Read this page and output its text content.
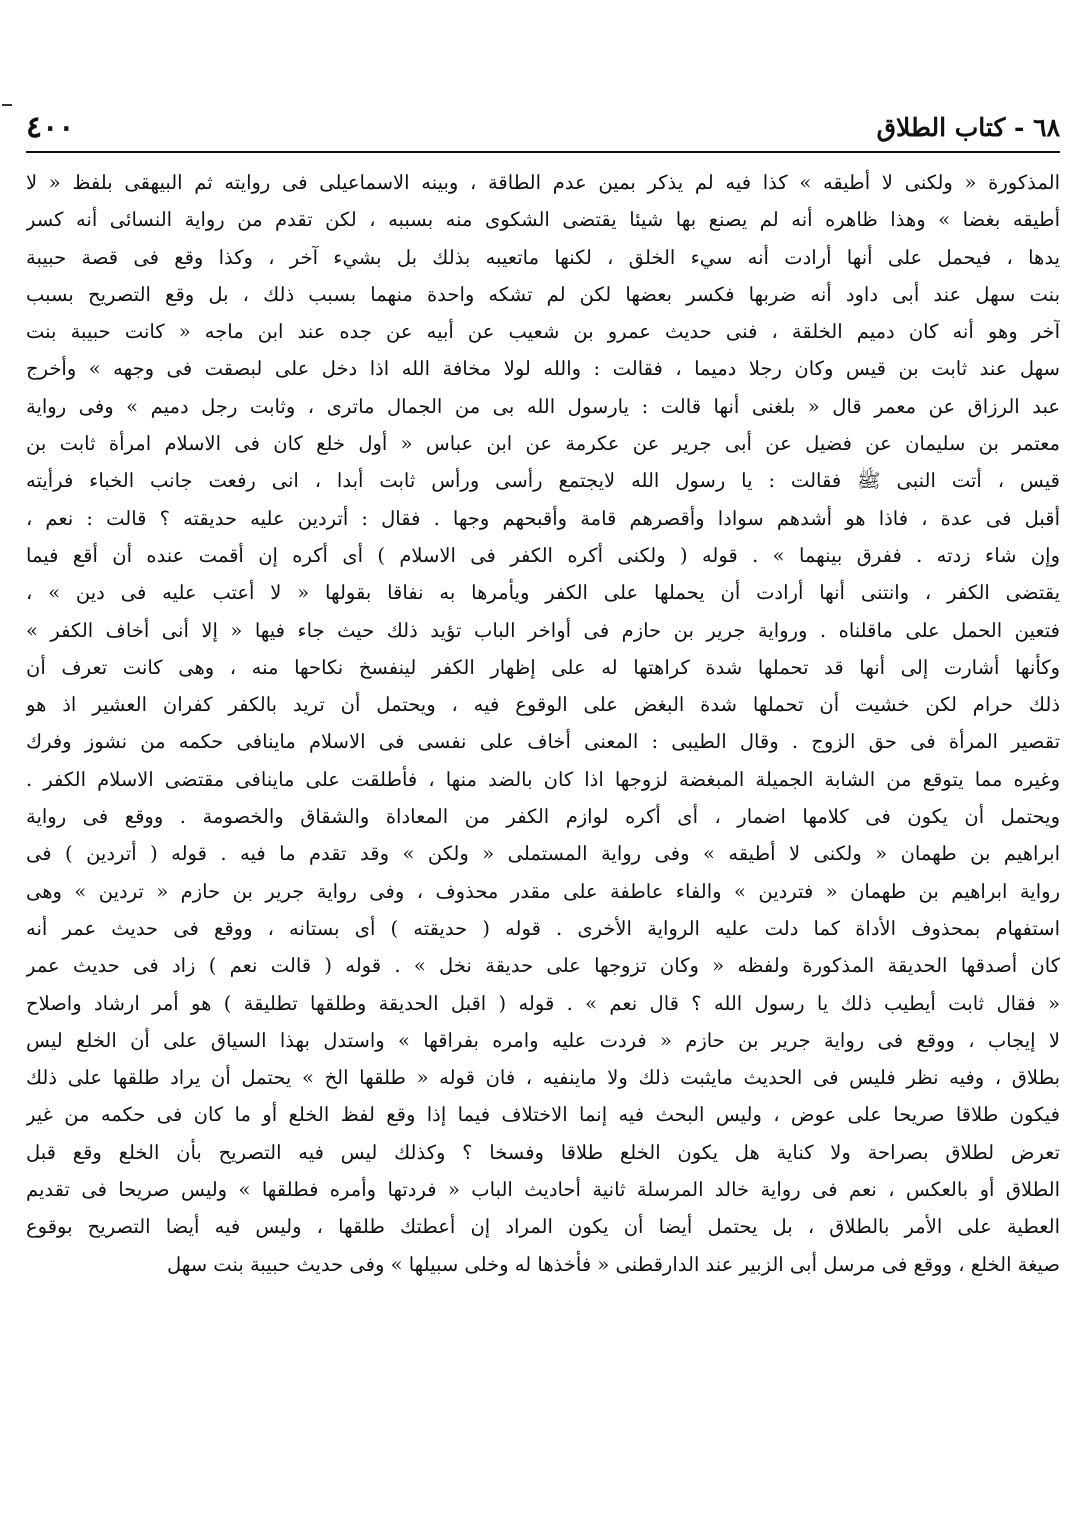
٦٨ - كتاب الطلاق
٤٠٠
المذكورة « ولكنى لا أطيقه » كذا فيه لم يذكر بمين عدم الطاقة ، وبينه الاسماعيلى فى روايته ثم البيهقى بلفظ « لا
أطيقه بغضا » وهذا ظاهره أنه لم يصنع بها شيئا يقتضى الشكوى منه بسببه ، لكن تقدم من رواية النسائى أنه كسر
يدها ، فيحمل على أنها أرادت أنه سيء الخلق ، لكنها ماتعيبه بذلك بل بشيء آخر ، وكذا وقع فى قصة حبيبة
بنت سهل عند أبى داود أنه ضربها فكسر بعضها لكن لم تشكه واحدة منهما بسبب ذلك ، بل وقع التصريح بسبب
آخر وهو أنه كان دميم الخلقة ، فنى حديث عمرو بن شعيب عن أبيه عن جده عند ابن ماجه « كانت حبيبة بنت
سهل عند ثابت بن قيس وكان رجلا دميما ، فقالت : والله لولا مخافة الله اذا دخل على لبصقت فى وجهه » وأخرج
عبد الرزاق عن معمر قال « بلغنى أنها قالت : يارسول الله بى من الجمال ماترى ، وثابت رجل دميم » وفى رواية
معتمر بن سليمان عن فضيل عن أبى جرير عن عكرمة عن ابن عباس « أول خلع كان فى الاسلام امرأة ثابت بن
قيس ، أتت النبى ﷺ فقالت : يا رسول الله لايجتمع رأسى ورأس ثابت أبدا ، انى رفعت جانب الخباء فرأيته
أقبل فى عدة ، فاذا هو أشدهم سوادا وأقصرهم قامة وأقبحهم وجها . فقال : أتردين عليه حديقته ؟ قالت : نعم ،
وإن شاء زدته . ففرق بينهما » . قوله ( ولكنى أكره الكفر فى الاسلام ) أى أكره إن أقمت عنده أن أقع فيما
يقتضى الكفر ، وانتنى أنها أرادت أن يحملها على الكفر ويأمرها به نفاقا بقولها « لا أعتب عليه فى دين » ،
فتعين الحمل على ماقلناه . ورواية جرير بن حازم فى أواخر الباب تؤيد ذلك حيث جاء فيها « إلا أنى أخاف الكفر »
وكأنها أشارت إلى أنها قد تحملها شدة كراهتها له على إظهار الكفر لينفسخ نكاحها منه ، وهى كانت تعرف أن
ذلك حرام لكن خشيت أن تحملها شدة البغض على الوقوع فيه ، ويحتمل أن تريد بالكفر كفران العشير اذ هو
تقصير المرأة فى حق الزوج . وقال الطيبى : المعنى أخاف على نفسى فى الاسلام ماينافى حكمه من نشوز وفرك
وغيره مما يتوقع من الشابة الجميلة المبغضة لزوجها اذا كان بالضد منها ، فأطلقت على ماينافى مقتضى الاسلام الكفر .
ويحتمل أن يكون فى كلامها اضمار ، أى أكره لوازم الكفر من المعاداة والشقاق والخصومة . ووقع فى رواية
ابراهيم بن طهمان « ولكنى لا أطيقه » وفى رواية المستملى « ولكن » وقد تقدم ما فيه . قوله ( أتردين ) فى
رواية ابراهيم بن طهمان « فتردين » والفاء عاطفة على مقدر محذوف ، وفى رواية جرير بن حازم « تردين » وهى
استفهام بمحذوف الأداة كما دلت عليه الرواية الأخرى . قوله ( حديقته ) أى بستانه ، ووقع فى حديث عمر أنه
كان أصدقها الحديقة المذكورة ولفظه « وكان تزوجها على حديقة نخل » . قوله ( قالت نعم ) زاد فى حديث عمر
« فقال ثابت أيطيب ذلك يا رسول الله ؟ قال نعم » . قوله ( اقبل الحديقة وطلقها تطليقة ) هو أمر ارشاد واصلاح
لا إيجاب ، ووقع فى رواية جرير بن حازم « فردت عليه وامره بفراقها » واستدل بهذا السياق على أن الخلع ليس
بطلاق ، وفيه نظر فليس فى الحديث مايثبت ذلك ولا ماينفيه ، فان قوله « طلقها الخ » يحتمل أن يراد طلقها على ذلك
فيكون طلاقا صريحا على عوض ، وليس البحث فيه إنما الاختلاف فيما إذا وقع لفظ الخلع أو ما كان فى حكمه من غير
تعرض لطلاق بصراحة ولا كناية هل يكون الخلع طلاقا وفسخا ؟ وكذلك ليس فيه التصريح بأن الخلع وقع قبل
الطلاق أو بالعكس ، نعم فى رواية خالد المرسلة ثانية أحاديث الباب « فردتها وأمره فطلقها » وليس صريحا فى تقديم
العطية على الأمر بالطلاق ، بل يحتمل أيضا أن يكون المراد إن أعطتك طلقها ، وليس فيه أيضا التصريح بوقوع
صيغة الخلع ، ووقع فى مرسل أبى الزبير عند الدارقطنى « فأخذها له وخلى سبيلها » وفى حديث حبيبة بنت سهل
